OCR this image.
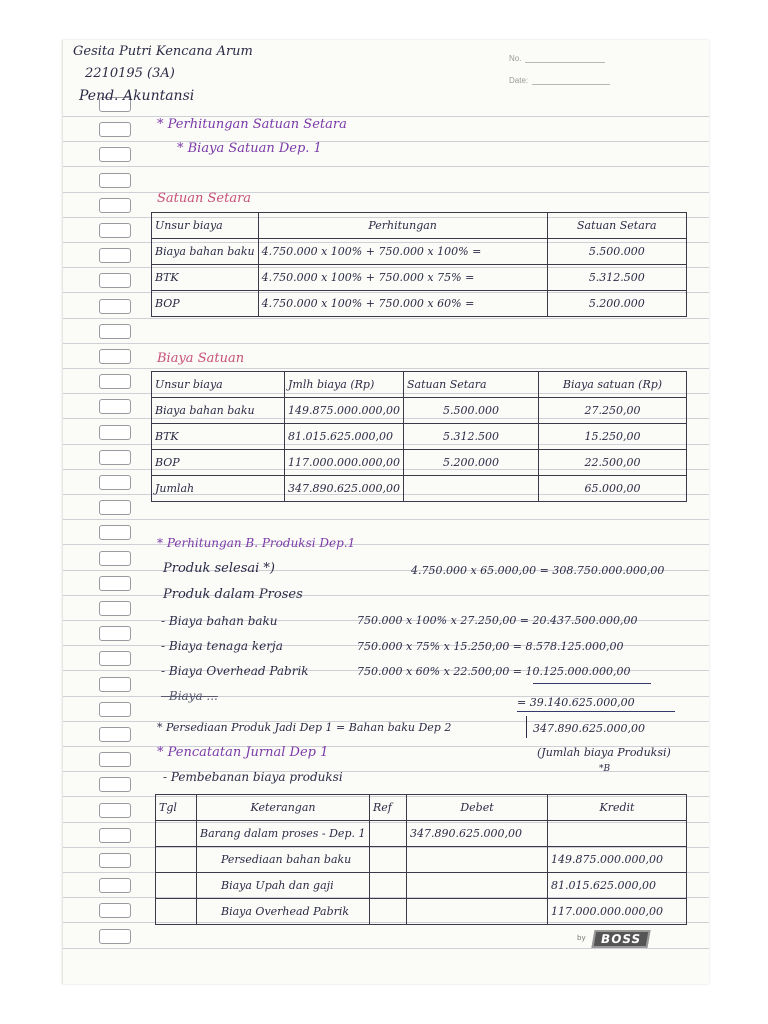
Gesita Putri Kencana Arum
2210195 (3A)
Pend. Akuntansi
No.
Date:
* Perhitungan Satuan Setara
* Biaya Satuan Dep. 1
Satuan Setara
Unsur biaya	Perhitungan	Satuan Setara
Biaya bahan baku	4.750.000 x 100% + 750.000 x 100% =	5.500.000
BTK	4.750.000 x 100% + 750.000 x 75% =	5.312.500
BOP	4.750.000 x 100% + 750.000 x 60% =	5.200.000
Biaya Satuan
Unsur biaya	Jmlh biaya (Rp)	Satuan Setara	Biaya satuan (Rp)
Biaya bahan baku	149.875.000.000,00	5.500.000	27.250,00
BTK	81.015.625.000,00	5.312.500	15.250,00
BOP	117.000.000.000,00	5.200.000	22.500,00
Jumlah	347.890.625.000,00		65.000,00
* Perhitungan B. Produksi Dep.1
Produk selesai *)	4.750.000 x 65.000,00 = 308.750.000.000,00
Produk dalam Proses
- Biaya bahan baku	750.000 x 100% x 27.250,00 = 20.437.500.000,00
- Biaya tenaga kerja	750.000 x 75% x 15.250,00 = 8.578.125.000,00
- Biaya Overhead Pabrik	750.000 x 60% x 22.500,00 = 10.125.000.000,00
- Biaya ...	= 39.140.625.000,00
* Persediaan Produk Jadi Dep 1 = Bahan baku Dep 2	347.890.625.000,00
(Jumlah biaya Produksi)
*B
* Pencatatan Jurnal Dep 1
- Pembebanan biaya produksi
Tgl	Keterangan	Ref	Debet	Kredit
	Barang dalam proses - Dep. 1		347.890.625.000,00	
	Persediaan bahan baku			149.875.000.000,00
	Biaya Upah dan gaji			81.015.625.000,00
	Biaya Overhead Pabrik			117.000.000.000,00
by	BOSS
